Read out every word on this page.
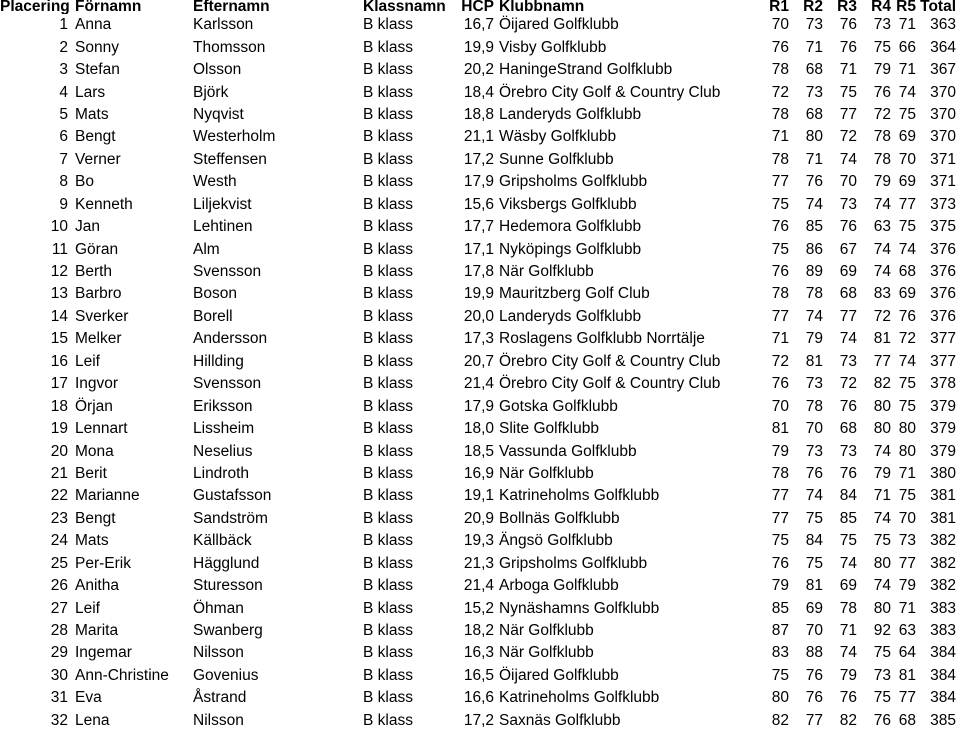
Placering	Förnamn	Efternamn	Klassnamn	HCP	Klubbnamn	R1	R2	R3	R4	R5	Total
1	Anna	Karlsson	B klass	16,7	Öijared Golfklubb	70	73	76	73	71	363
2	Sonny	Thomsson	B klass	19,9	Visby Golfklubb	76	71	76	75	66	364
3	Stefan	Olsson	B klass	20,2	HaningeStrand Golfklubb	78	68	71	79	71	367
4	Lars	Björk	B klass	18,4	Örebro City Golf & Country Club	72	73	75	76	74	370
5	Mats	Nyqvist	B klass	18,8	Landeryds Golfklubb	78	68	77	72	75	370
6	Bengt	Westerholm	B klass	21,1	Wäsby Golfklubb	71	80	72	78	69	370
7	Verner	Steffensen	B klass	17,2	Sunne Golfklubb	78	71	74	78	70	371
8	Bo	Westh	B klass	17,9	Gripsholms Golfklubb	77	76	70	79	69	371
9	Kenneth	Liljekvist	B klass	15,6	Viksbergs Golfklubb	75	74	73	74	77	373
10	Jan	Lehtinen	B klass	17,7	Hedemora Golfklubb	76	85	76	63	75	375
11	Göran	Alm	B klass	17,1	Nyköpings Golfklubb	75	86	67	74	74	376
12	Berth	Svensson	B klass	17,8	När Golfklubb	76	89	69	74	68	376
13	Barbro	Boson	B klass	19,9	Mauritzberg Golf Club	78	78	68	83	69	376
14	Sverker	Borell	B klass	20,0	Landeryds Golfklubb	77	74	77	72	76	376
15	Melker	Andersson	B klass	17,3	Roslagens Golfklubb Norrtälje	71	79	74	81	72	377
16	Leif	Hillding	B klass	20,7	Örebro City Golf & Country Club	72	81	73	77	74	377
17	Ingvor	Svensson	B klass	21,4	Örebro City Golf & Country Club	76	73	72	82	75	378
18	Örjan	Eriksson	B klass	17,9	Gotska Golfklubb	70	78	76	80	75	379
19	Lennart	Lissheim	B klass	18,0	Slite Golfklubb	81	70	68	80	80	379
20	Mona	Neselius	B klass	18,5	Vassunda Golfklubb	79	73	73	74	80	379
21	Berit	Lindroth	B klass	16,9	När Golfklubb	78	76	76	79	71	380
22	Marianne	Gustafsson	B klass	19,1	Katrineholms Golfklubb	77	74	84	71	75	381
23	Bengt	Sandström	B klass	20,9	Bollnäs Golfklubb	77	75	85	74	70	381
24	Mats	Källbäck	B klass	19,3	Ängsö Golfklubb	75	84	75	75	73	382
25	Per-Erik	Hägglund	B klass	21,3	Gripsholms Golfklubb	76	75	74	80	77	382
26	Anitha	Sturesson	B klass	21,4	Arboga Golfklubb	79	81	69	74	79	382
27	Leif	Öhman	B klass	15,2	Nynäshamns Golfklubb	85	69	78	80	71	383
28	Marita	Swanberg	B klass	18,2	När Golfklubb	87	70	71	92	63	383
29	Ingemar	Nilsson	B klass	16,3	När Golfklubb	83	88	74	75	64	384
30	Ann-Christine	Govenius	B klass	16,5	Öijared Golfklubb	75	76	79	73	81	384
31	Eva	Åstrand	B klass	16,6	Katrineholms Golfklubb	80	76	76	75	77	384
32	Lena	Nilsson	B klass	17,2	Saxnäs Golfklubb	82	77	82	76	68	385
